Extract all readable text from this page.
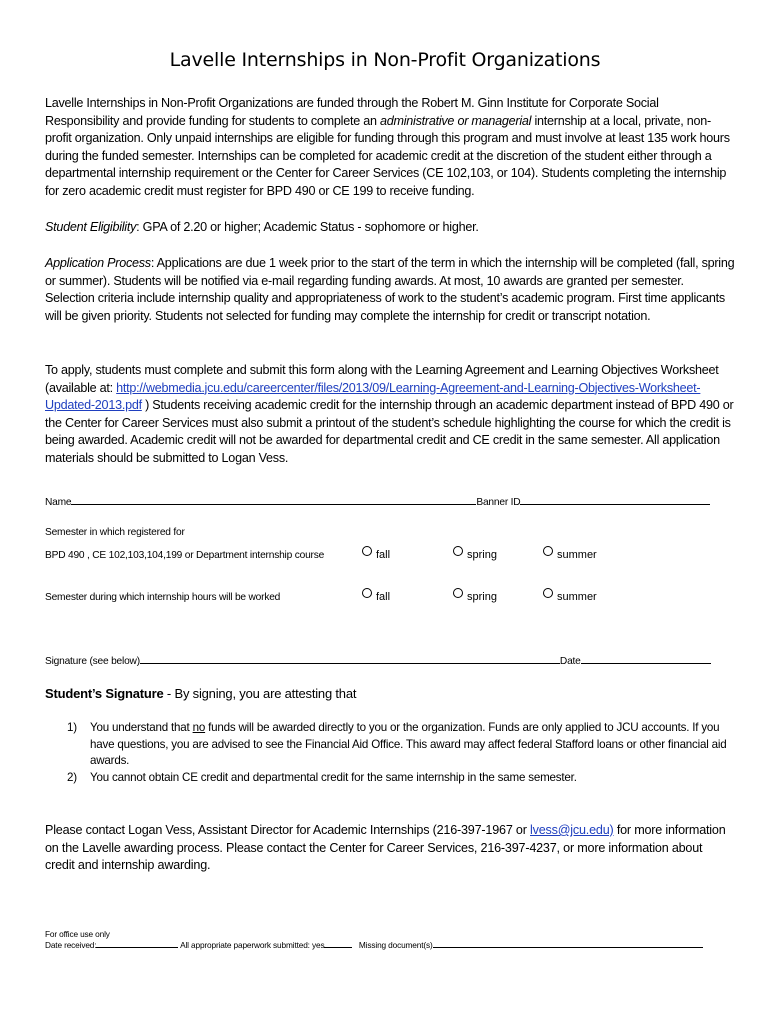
Lavelle Internships in Non-Profit Organizations

Lavelle Internships in Non-Profit Organizations are funded through the Robert M. Ginn Institute for Corporate Social Responsibility and provide funding for students to complete an administrative or managerial internship at a local, private, non-profit organization. Only unpaid internships are eligible for funding through this program and must involve at least 135 work hours during the funded semester. Internships can be completed for academic credit at the discretion of the student either through a departmental internship requirement or the Center for Career Services (CE 102,103, or 104). Students completing the internship for zero academic credit must register for BPD 490 or CE 199 to receive funding.

Student Eligibility: GPA of 2.20 or higher; Academic Status - sophomore or higher.

Application Process: Applications are due 1 week prior to the start of the term in which the internship will be completed (fall, spring or summer). Students will be notified via e-mail regarding funding awards. At most, 10 awards are granted per semester. Selection criteria include internship quality and appropriateness of work to the student’s academic program. First time applicants will be given priority. Students not selected for funding may complete the internship for credit or transcript notation.

To apply, students must complete and submit this form along with the Learning Agreement and Learning Objectives Worksheet (available at: http://webmedia.jcu.edu/careercenter/files/2013/09/Learning-Agreement-and-Learning-Objectives-Worksheet-Updated-2013.pdf ) Students receiving academic credit for the internship through an academic department instead of BPD 490 or the Center for Career Services must also submit a printout of the student’s schedule highlighting the course for which the credit is being awarded. Academic credit will not be awarded for departmental credit and CE credit in the same semester. All application materials should be submitted to Logan Vess.

Name	Banner ID
Semester in which registered for
BPD 490 , CE 102,103,104,199 or Department internship course	fall	spring	summer
Semester during which internship hours will be worked	fall	spring	summer
Signature (see below)	Date
Student’s Signature - By signing, you are attesting that
1) You understand that no funds will be awarded directly to you or the organization. Funds are only applied to JCU accounts. If you have questions, you are advised to see the Financial Aid Office. This award may affect federal Stafford loans or other financial aid awards.
2) You cannot obtain CE credit and departmental credit for the same internship in the same semester.
Please contact Logan Vess, Assistant Director for Academic Internships (216-397-1967 or lvess@jcu.edu) for more information on the Lavelle awarding process. Please contact the Center for Career Services, 216-397-4237, or more information about credit and internship awarding.
For office use only
Date received:	All appropriate paperwork submitted: yes	Missing document(s)
